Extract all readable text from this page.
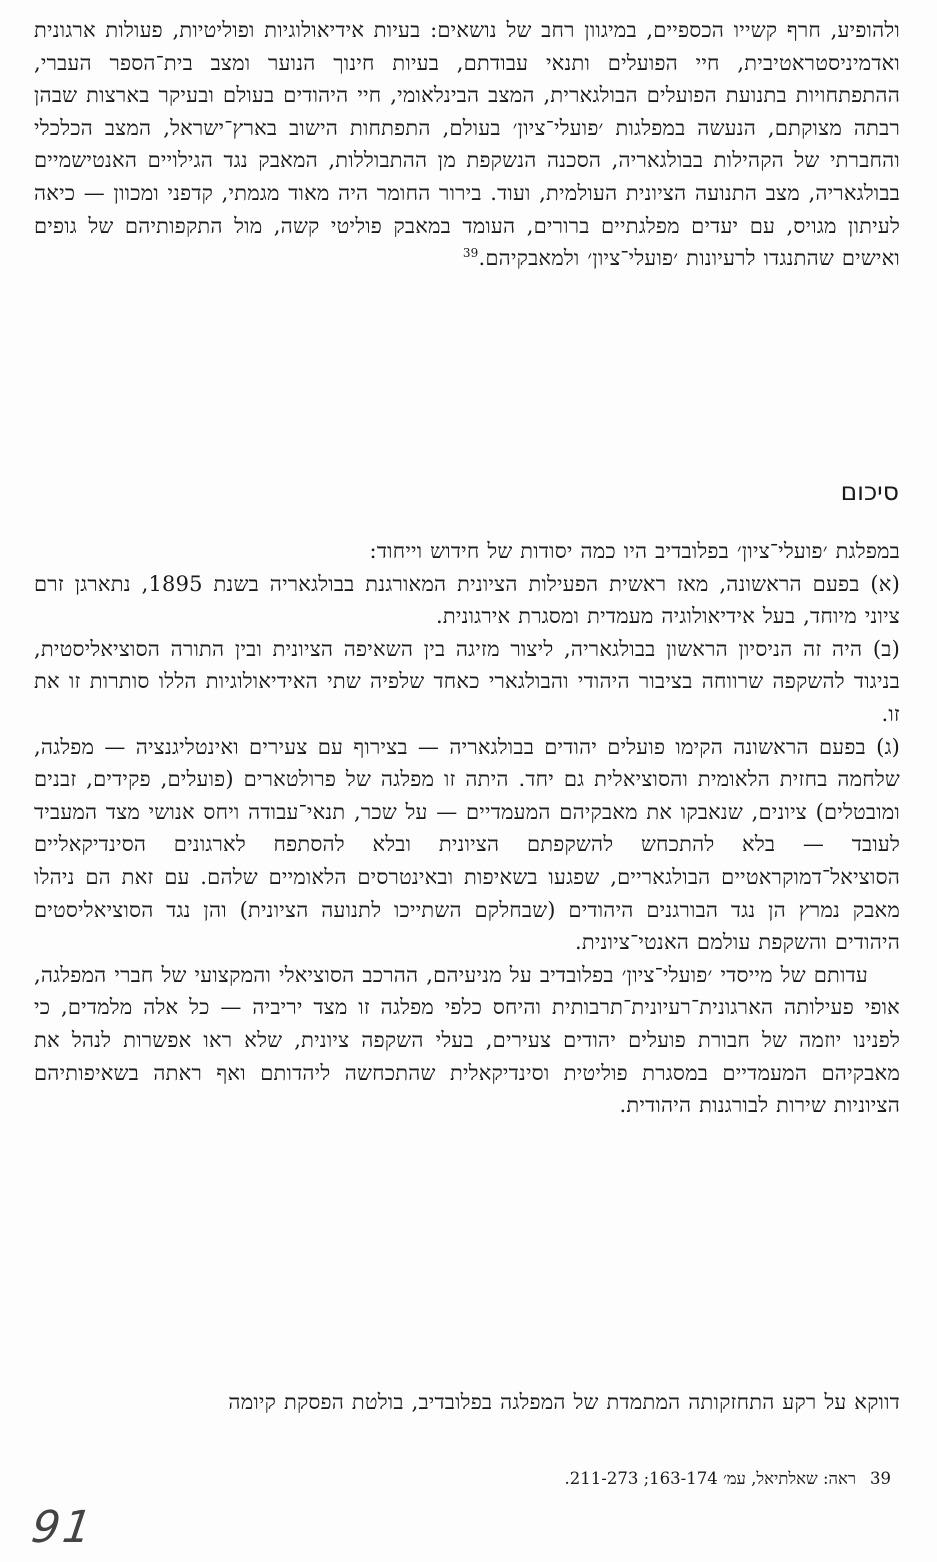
ולהופיע, חרף קשייו הכספיים, במיגוון רחב של נושאים: בעיות אידיאולוגיות ופוליטיות, פעולות ארגונית ואדמיניסטראטיבית, חיי הפועלים ותנאי עבודתם, בעיות חינוך הנוער ומצב בית־הספר העברי, ההתפתחויות בתנועת הפועלים הבולגארית, המצב הבינלאומי, חיי היהודים בעולם ובעיקר בארצות שבהן רבתה מצוקתם, הנעשה במפלגות ׳פועלי־ציון׳ בעולם, התפתחות הישוב בארץ־ישראל, המצב הכלכלי והחברתי של הקהילות בבולגאריה, הסכנה הנשקפת מן ההתבוללות, המאבק נגד הגילויים האנטישמיים בבולגאריה, מצב התנועה הציונית העולמית, ועוד. בירור החומר היה מאוד מגמתי, קדפני ומכוון — כיאה לעיתון מגויס, עם יעדים מפלגתיים ברורים, העומד במאבק פוליטי קשה, מול התקפותיהם של גופים ואישים שהתנגדו לרעיונות ׳פועלי־ציון׳ ולמאבקיהם.$^{39}$
סיכום

במפלגת ׳פועלי־ציון׳ בפלובדיב היו כמה יסודות של חידוש וייחוד:

(א) בפעם הראשונה, מאז ראשית הפעילות הציונית המאורגנת בבולגאריה בשנת 1895, נתארגן זרם ציוני מיוחד, בעל אידיאולוגיה מעמדית ומסגרת אירגונית.

(ב) היה זה הניסיון הראשון בבולגאריה, ליצור מזיגה בין השאיפה הציונית ובין התורה הסוציאליסטית, בניגוד להשקפה שרווחה בציבור היהודי והבולגארי כאחד שלפיה שתי האידיאולוגיות הללו סותרות זו את זו.

(ג) בפעם הראשונה הקימו פועלים יהודים בבולגאריה — בצירוף עם צעירים ואינטליגנציה — מפלגה, שלחמה בחזית הלאומית והסוציאלית גם יחד. היתה זו מפלגה של פרולטארים (פועלים, פקידים, זבנים ומובטלים) ציונים, שנאבקו את מאבקיהם המעמדיים — על שכר, תנאי־עבודה ויחס אנושי מצד המעביד לעובד — בלא להתכחש להשקפתם הציונית ובלא להסתפח לארגונים הסינדיקאליים הסוציאל־דמוקראטיים הבולגאריים, שפגעו בשאיפות ובאינטרסים הלאומיים שלהם. עם זאת הם ניהלו מאבק נמרץ הן נגד הבורגנים היהודים (שבחלקם השתייכו לתנועה הציונית) והן נגד הסוציאליסטים היהודים והשקפת עולמם האנטי־ציונית.

עדותם של מייסדי ׳פועלי־ציון׳ בפלובדיב על מניעיהם, ההרכב הסוציאלי והמקצועי של חברי המפלגה, אופי פעילותה הארגונית־רעיונית־תרבותית והיחס כלפי מפלגה זו מצד יריביה — כל אלה מלמדים, כי לפנינו יוזמה של חבורת פועלים יהודים צעירים, בעלי השקפה ציונית, שלא ראו אפשרות לנהל את מאבקיהם המעמדיים במסגרת פוליטית וסינדיקאלית שהתכחשה ליהדותם ואף ראתה בשאיפותיהם הציוניות שירות לבורגנות היהודית.

דווקא על רקע התחזקותה המתמדת של המפלגה בפלובדיב, בולטת הפסקת קיומה
39ראה: שאלתיאל, עמ׳ 163-174; 211-273.
91
